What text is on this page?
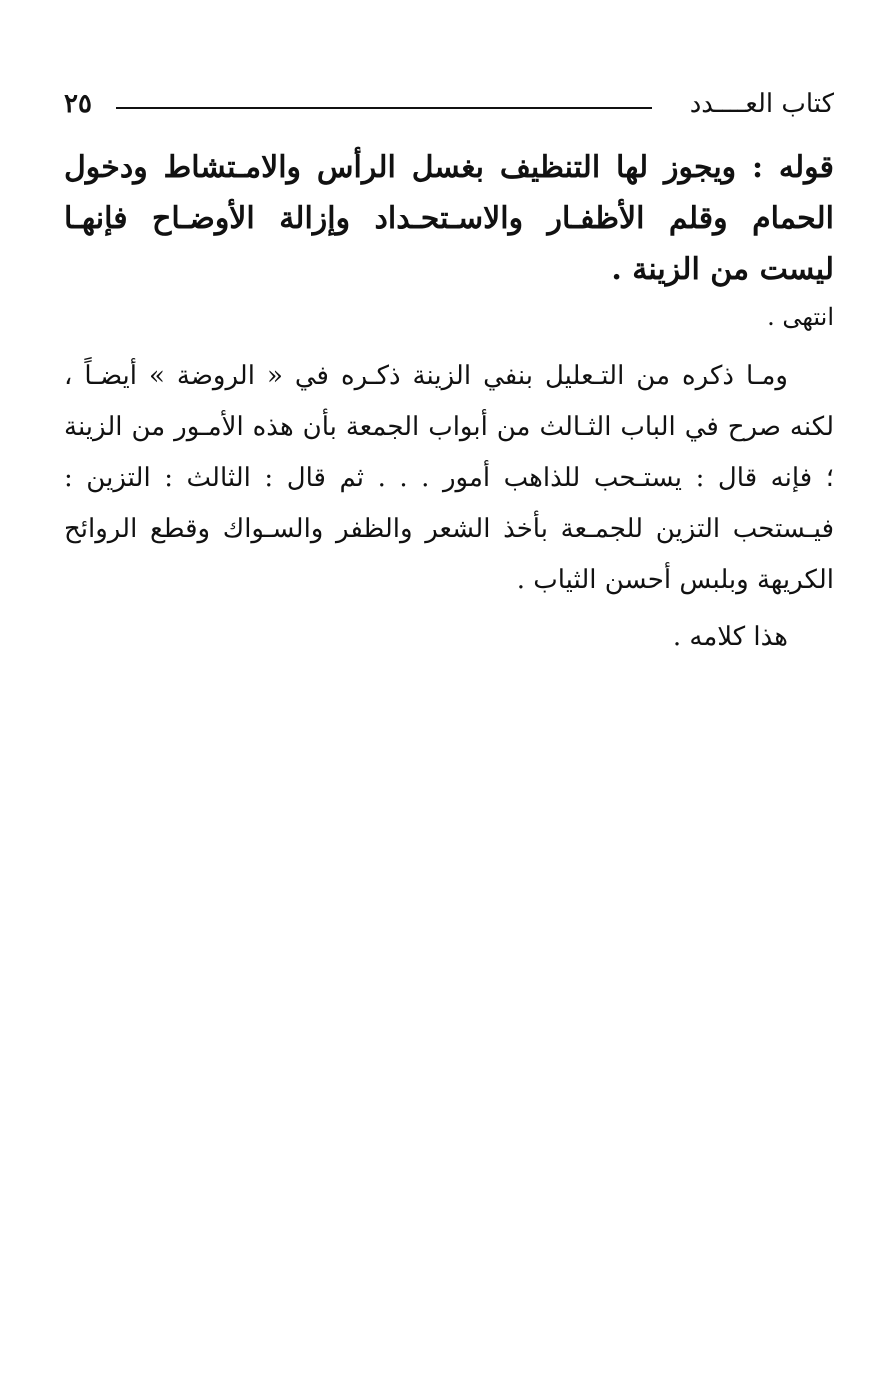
كتاب العــــدد
٢٥

قوله : ويجوز لها التنظيف بغسل الرأس والامـتشاط ودخول الحمام وقلم الأظفـار والاسـتحـداد وإزالة الأوضـاح فإنهـا ليست من الزينة .

انتهى .

ومـا ذكره من التـعليل بنفي الزينة ذكـره في « الروضة » أيضـاً ، لكنه صرح في الباب الثـالث من أبواب الجمعة بأن هذه الأمـور من الزينة ؛ فإنه قال : يستـحب للذاهب أمور . . . ثم قال : الثالث : التزين : فيـستحب التزين للجمـعة بأخذ الشعر والظفر والسـواك وقطع الروائح الكريهة وبلبس أحسن الثياب .

هذا كلامه .
